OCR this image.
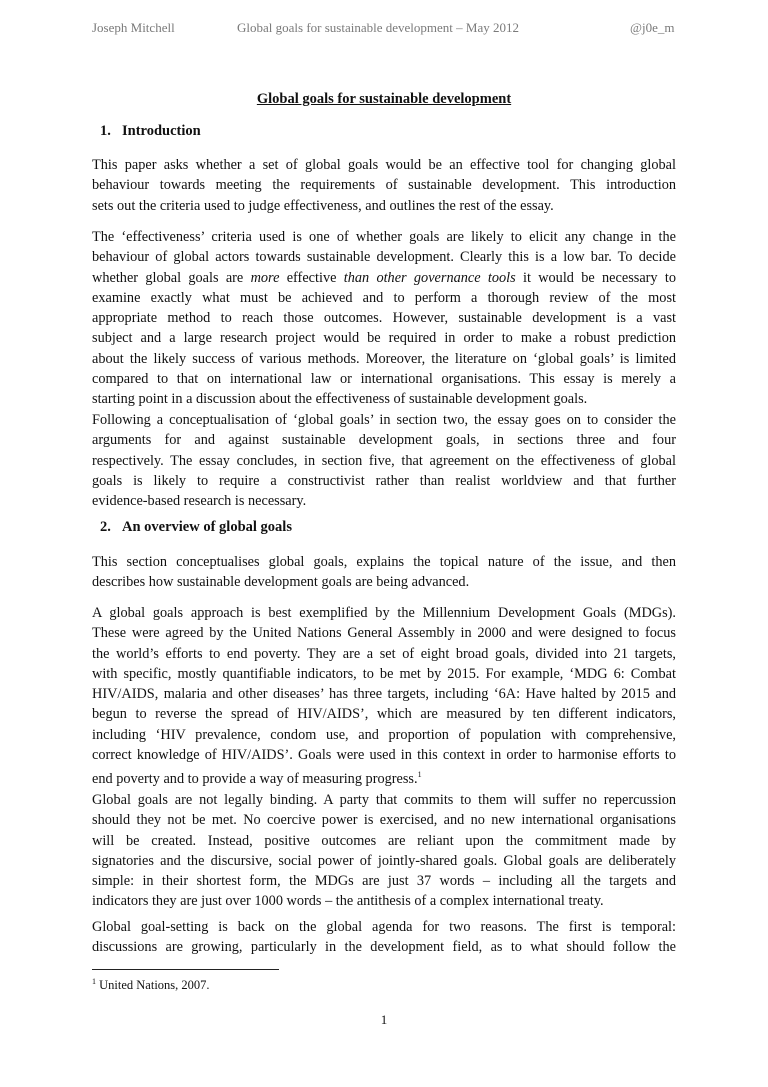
Joseph Mitchell	Global goals for sustainable development – May 2012	@j0e_m
Global goals for sustainable development
1. Introduction
2. An overview of global goals
This paper asks whether a set of global goals would be an effective tool for changing global
behaviour towards meeting the requirements of sustainable development. This introduction
sets out the criteria used to judge effectiveness, and outlines the rest of the essay.
The ‘effectiveness’ criteria used is one of whether goals are likely to elicit any change in the
behaviour of global actors towards sustainable development. Clearly this is a low bar. To decide
whether global goals are more effective than other governance tools it would be necessary to
examine exactly what must be achieved and to perform a thorough review of the most
appropriate method to reach those outcomes. However, sustainable development is a vast
subject and a large research project would be required in order to make a robust prediction
about the likely success of various methods. Moreover, the literature on ‘global goals’ is limited
compared to that on international law or international organisations. This essay is merely a
starting point in a discussion about the effectiveness of sustainable development goals.
Following a conceptualisation of ‘global goals’ in section two, the essay goes on to consider the
arguments for and against sustainable development goals, in sections three and four
respectively. The essay concludes, in section five, that agreement on the effectiveness of global
goals is likely to require a constructivist rather than realist worldview and that further
evidence-based research is necessary.
This section conceptualises global goals, explains the topical nature of the issue, and then
describes how sustainable development goals are being advanced.
A global goals approach is best exemplified by the Millennium Development Goals (MDGs).
These were agreed by the United Nations General Assembly in 2000 and were designed to focus
the world’s efforts to end poverty. They are a set of eight broad goals, divided into 21 targets,
with specific, mostly quantifiable indicators, to be met by 2015. For example, ‘MDG 6: Combat
HIV/AIDS, malaria and other diseases’ has three targets, including ‘6A: Have halted by 2015 and
begun to reverse the spread of HIV/AIDS’, which are measured by ten different indicators,
including ‘HIV prevalence, condom use, and proportion of population with comprehensive,
correct knowledge of HIV/AIDS’. Goals were used in this context in order to harmonise efforts to
end poverty and to provide a way of measuring progress.$^1$
Global goals are not legally binding. A party that commits to them will suffer no repercussion
should they not be met. No coercive power is exercised, and no new international organisations
will be created. Instead, positive outcomes are reliant upon the commitment made by
signatories and the discursive, social power of jointly-shared goals. Global goals are deliberately
simple: in their shortest form, the MDGs are just 37 words – including all the targets and
indicators they are just over 1000 words – the antithesis of a complex international treaty.
Global goal-setting is back on the global agenda for two reasons. The first is temporal:
discussions are growing, particularly in the development field, as to what should follow the
$^1$ United Nations, 2007.
1
